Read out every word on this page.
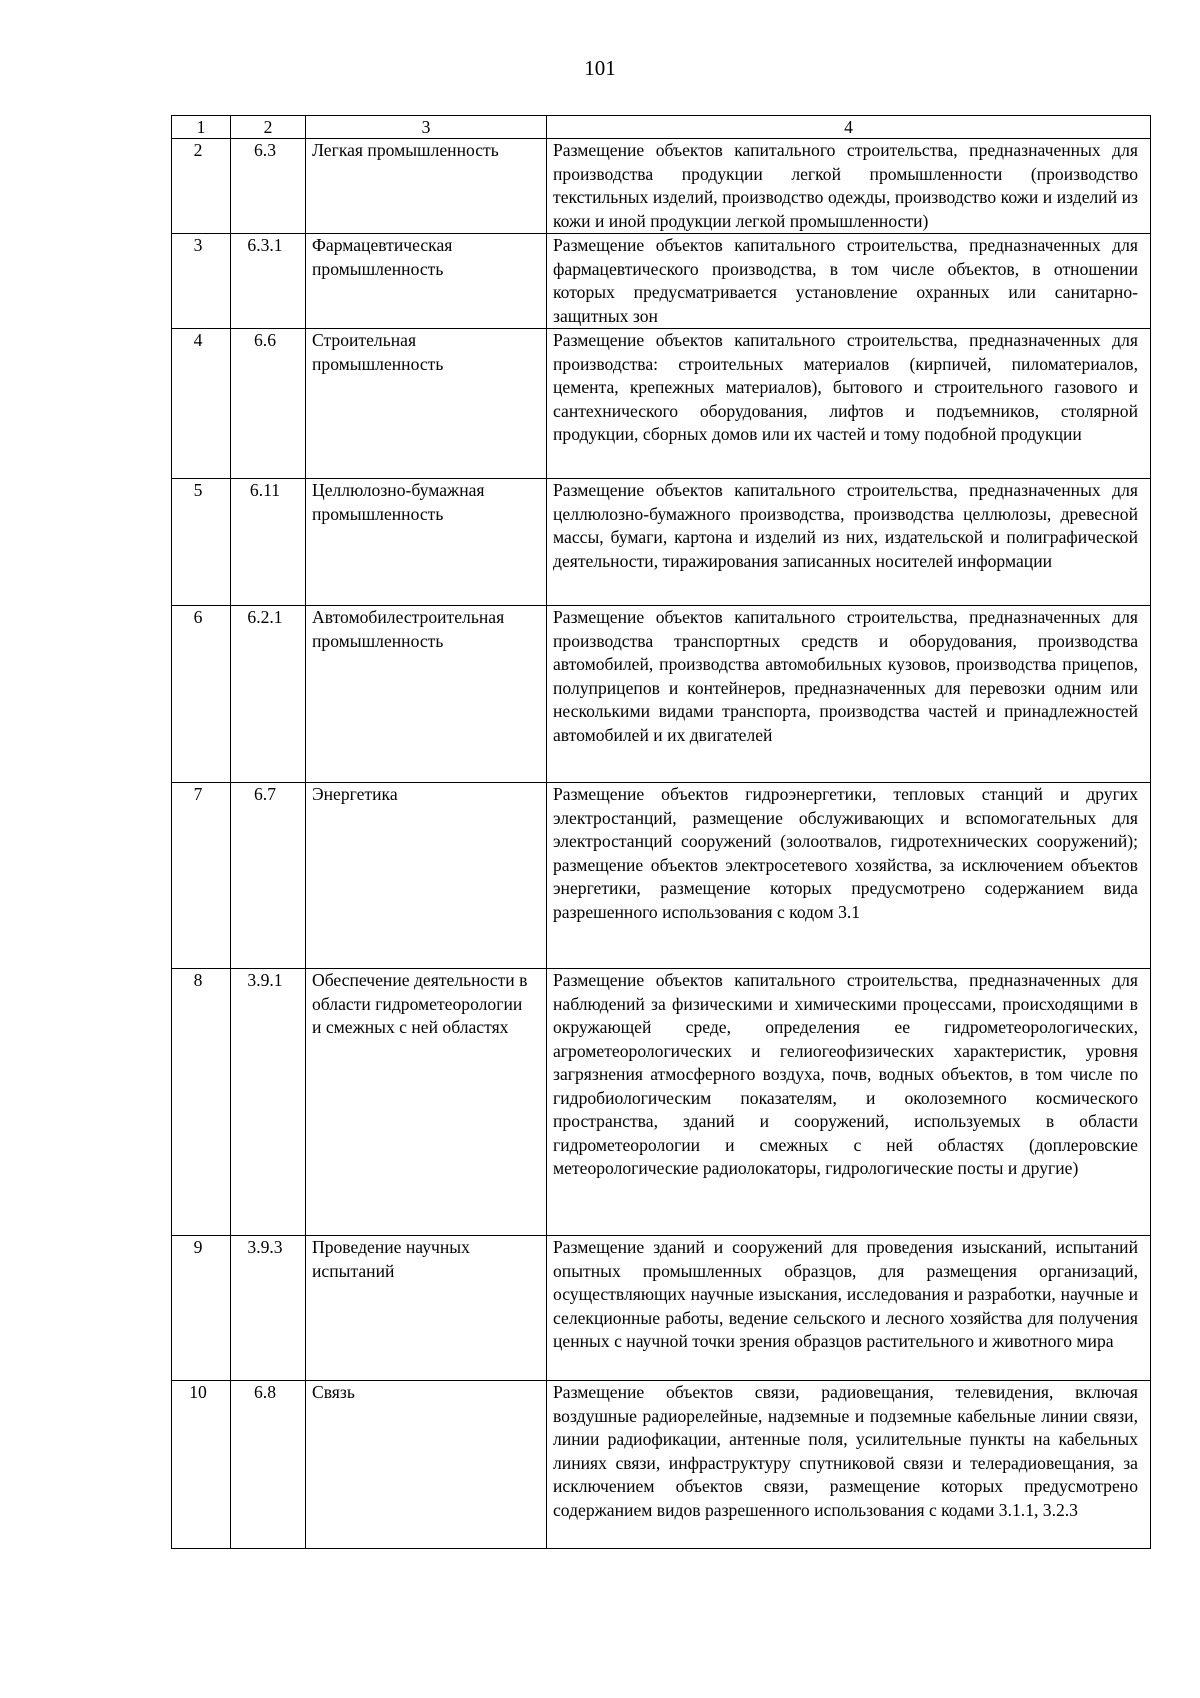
101
1	2	3	4
2	6.3	Легкая промышленность	Размещение объектов капитального строительства, предназначенных для производства продукции легкой промышленности (производство текстильных изделий, производство одежды, производство кожи и изделий из кожи и иной продукции легкой промышленности)
3	6.3.1	Фармацевтическая промышленность	Размещение объектов капитального строительства, предназначенных для фармацевтического производства, в том числе объектов, в отношении которых предусматривается установление охранных или санитарно-защитных зон
4	6.6	Строительная промышленность	Размещение объектов капитального строительства, предназначенных для производства: строительных материалов (кирпичей, пиломатериалов, цемента, крепежных материалов), бытового и строительного газового и сантехнического оборудования, лифтов и подъемников, столярной продукции, сборных домов или их частей и тому подобной продукции
5	6.11	Целлюлозно-бумажная промышленность	Размещение объектов капитального строительства, предназначенных для целлюлозно-бумажного производства, производства целлюлозы, древесной массы, бумаги, картона и изделий из них, издательской и полиграфической деятельности, тиражирования записанных носителей информации
6	6.2.1	Автомобилестроительная промышленность	Размещение объектов капитального строительства, предназначенных для производства транспортных средств и оборудования, производства автомобилей, производства автомобильных кузовов, производства прицепов, полуприцепов и контейнеров, предназначенных для перевозки одним или несколькими видами транспорта, производства частей и принадлежностей автомобилей и их двигателей
7	6.7	Энергетика	Размещение объектов гидроэнергетики, тепловых станций и других электростанций, размещение обслуживающих и вспомогательных для электростанций сооружений (золоотвалов, гидротехнических сооружений); размещение объектов электросетевого хозяйства, за исключением объектов энергетики, размещение которых предусмотрено содержанием вида разрешенного использования с кодом 3.1
8	3.9.1	Обеспечение деятельности в области гидрометеорологии и смежных с ней областях	Размещение объектов капитального строительства, предназначенных для наблюдений за физическими и химическими процессами, происходящими в окружающей среде, определения ее гидрометеорологических, агрометеорологических и гелиогеофизических характеристик, уровня загрязнения атмосферного воздуха, почв, водных объектов, в том числе по гидробиологическим показателям, и околоземного космического пространства, зданий и сооружений, используемых в области гидрометеорологии и смежных с ней областях (доплеровские метеорологические радиолокаторы, гидрологические посты и другие)
9	3.9.3	Проведение научных испытаний	Размещение зданий и сооружений для проведения изысканий, испытаний опытных промышленных образцов, для размещения организаций, осуществляющих научные изыскания, исследования и разработки, научные и селекционные работы, ведение сельского и лесного хозяйства для получения ценных с научной точки зрения образцов растительного и животного мира
10	6.8	Связь	Размещение объектов связи, радиовещания, телевидения, включая воздушные радиорелейные, надземные и подземные кабельные линии связи, линии радиофикации, антенные поля, усилительные пункты на кабельных линиях связи, инфраструктуру спутниковой связи и телерадиовещания, за исключением объектов связи, размещение которых предусмотрено содержанием видов разрешенного использования с кодами 3.1.1, 3.2.3
